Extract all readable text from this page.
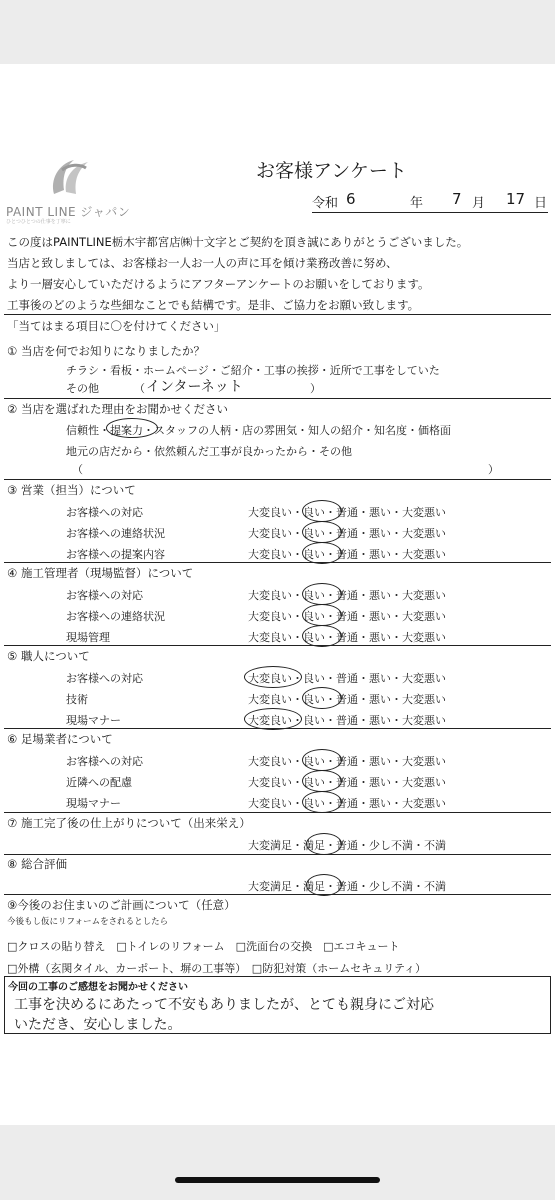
PAINT LINE ジャパン
ひとつひとつの仕事を丁寧に
お客様アンケート
令和 6	年 7 月 17 日
この度はPAINTLINE栃木宇都宮店㈱十文字とご契約を頂き誠にありがとうございました。
当店と致しましては、お客様お一人お一人の声に耳を傾け業務改善に努め、
より一層安心していただけるようにアフターアンケートのお願いをしております。
工事後のどのような些細なことでも結構です。是非、ご協力をお願い致します。
「当てはまる項目に〇を付けてください」
① 当店を何でお知りになりましたか？
チラシ・看板・ホームページ・ご紹介・工事の挨拶・近所で工事をしていた
その他	（ インターネット	）
② 当店を選ばれた理由をお聞かせください
信頼性・提案力・スタッフの人柄・店の雰囲気・知人の紹介・知名度・価格面
地元の店だから・依然頼んだ工事が良かったから・その他
（	）
③ 営業（担当）について
お客様への対応	大変良い・良い・普通・悪い・大変悪い
お客様への連絡状況	大変良い・良い・普通・悪い・大変悪い
お客様への提案内容	大変良い・良い・普通・悪い・大変悪い
④ 施工管理者（現場監督）について
お客様への対応	大変良い・良い・普通・悪い・大変悪い
お客様への連絡状況	大変良い・良い・普通・悪い・大変悪い
現場管理	大変良い・良い・普通・悪い・大変悪い
⑤ 職人について
お客様への対応	大変良い・良い・普通・悪い・大変悪い
技術	大変良い・良い・普通・悪い・大変悪い
現場マナー	大変良い・良い・普通・悪い・大変悪い
⑥ 足場業者について
お客様への対応	大変良い・良い・普通・悪い・大変悪い
近隣への配慮	大変良い・良い・普通・悪い・大変悪い
現場マナー	大変良い・良い・普通・悪い・大変悪い
⑦ 施工完了後の仕上がりについて（出来栄え）
大変満足・満足・普通・少し不満・不満
⑧ 総合評価
大変満足・満足・普通・少し不満・不満
⑨今後のお住まいのご計画について（任意）
今後もし仮にリフォームをされるとしたら
□クロスの貼り替え　□トイレのリフォーム　□洗面台の交換　□エコキュート
□外構（玄関タイル、カーポート、塀の工事等）　□防犯対策（ホームセキュリティ）
今回の工事のご感想をお聞かせください
工事を決めるにあたって不安もありましたが、とても親身にご対応
いただき、安心しました。
